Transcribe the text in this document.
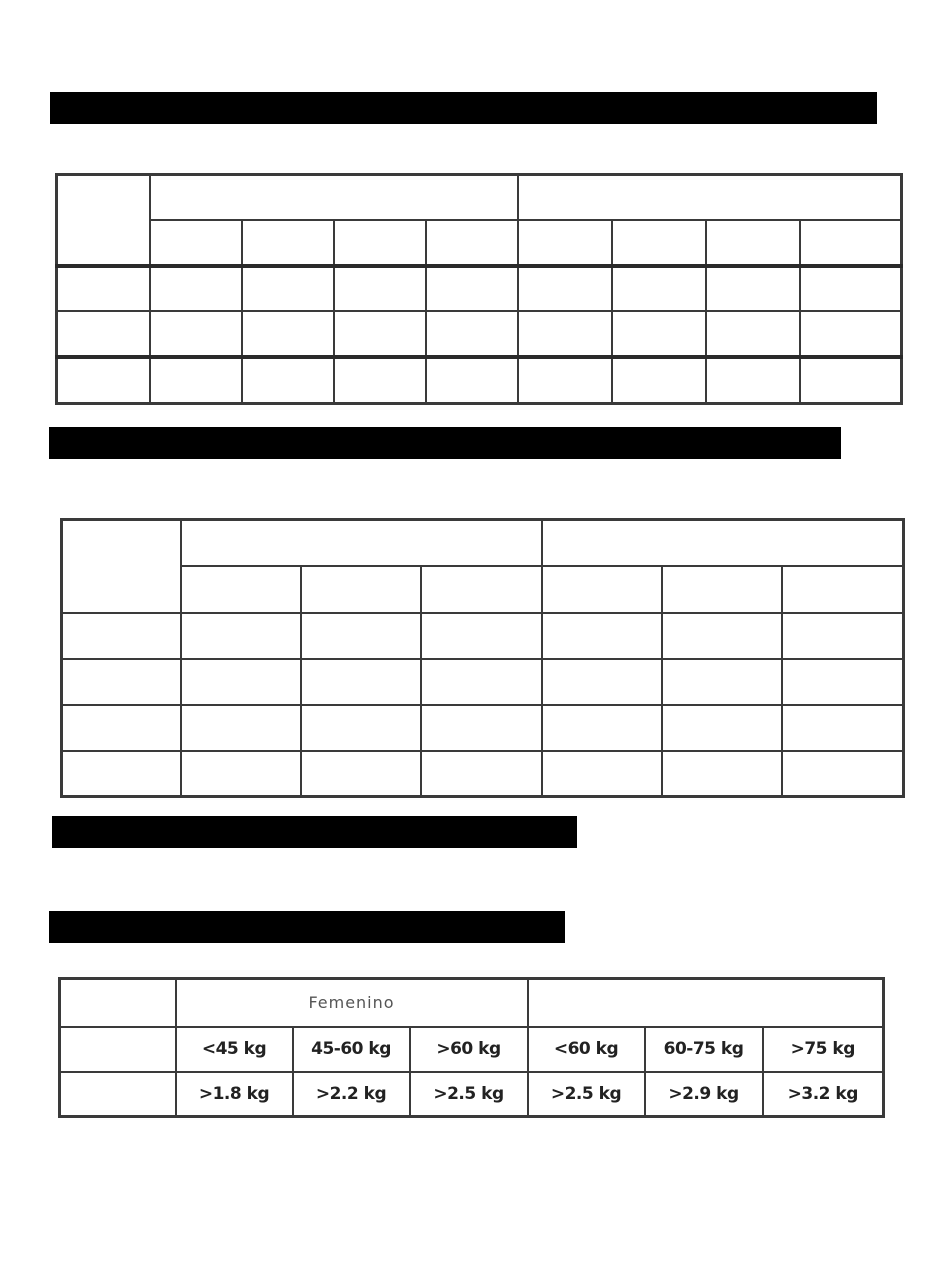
	Femenino					
	<45 kg	45-60 kg	>60 kg	<60 kg	60-75 kg	>75 kg
	>1.8 kg	>2.2 kg	>2.5 kg	>2.5 kg	>2.9 kg	>3.2 kg
